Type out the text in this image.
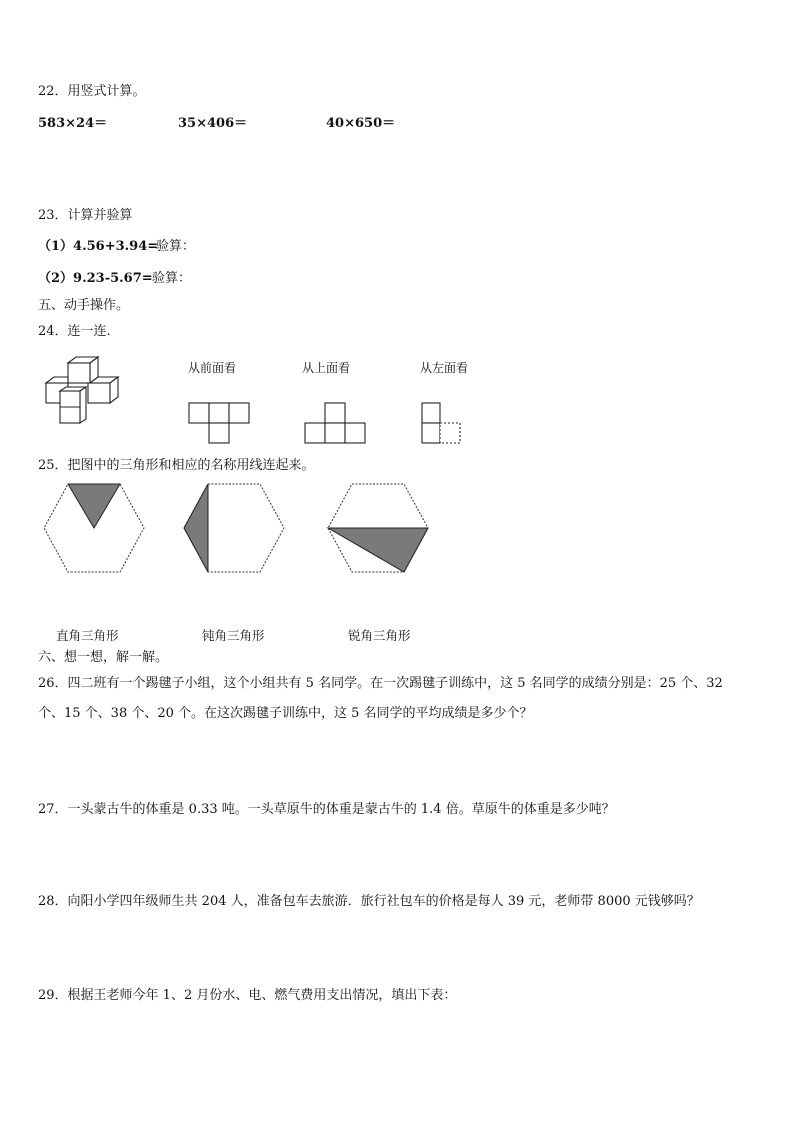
22．用竖式计算。
583×24＝	35×406＝	40×650＝
23．计算并验算
（1）4.56+3.94=
验算：
（2）9.23-5.67= 验算：
五、动手操作。
24．连一连.
从前面看	从上面看	从左面看
25．把图中的三角形和相应的名称用线连起来。
直角三角形	钝角三角形	锐角三角形
六、想一想，解一解。
26．四二班有一个踢毽子小组，这个小组共有 5 名同学。在一次踢毽子训练中，这 5 名同学的成绩分别是：25 个、32
个、15 个、38 个、20 个。在这次踢毽子训练中，这 5 名同学的平均成绩是多少个？
27．一头蒙古牛的体重是 0.33 吨。一头草原牛的体重是蒙古牛的 1.4 倍。草原牛的体重是多少吨？
28．向阳小学四年级师生共 204 人，准备包车去旅游．旅行社包车的价格是每人 39 元，老师带 8000 元钱够吗？
29．根据王老师今年 1、2 月份水、电、燃气费用支出情况，填出下表：
